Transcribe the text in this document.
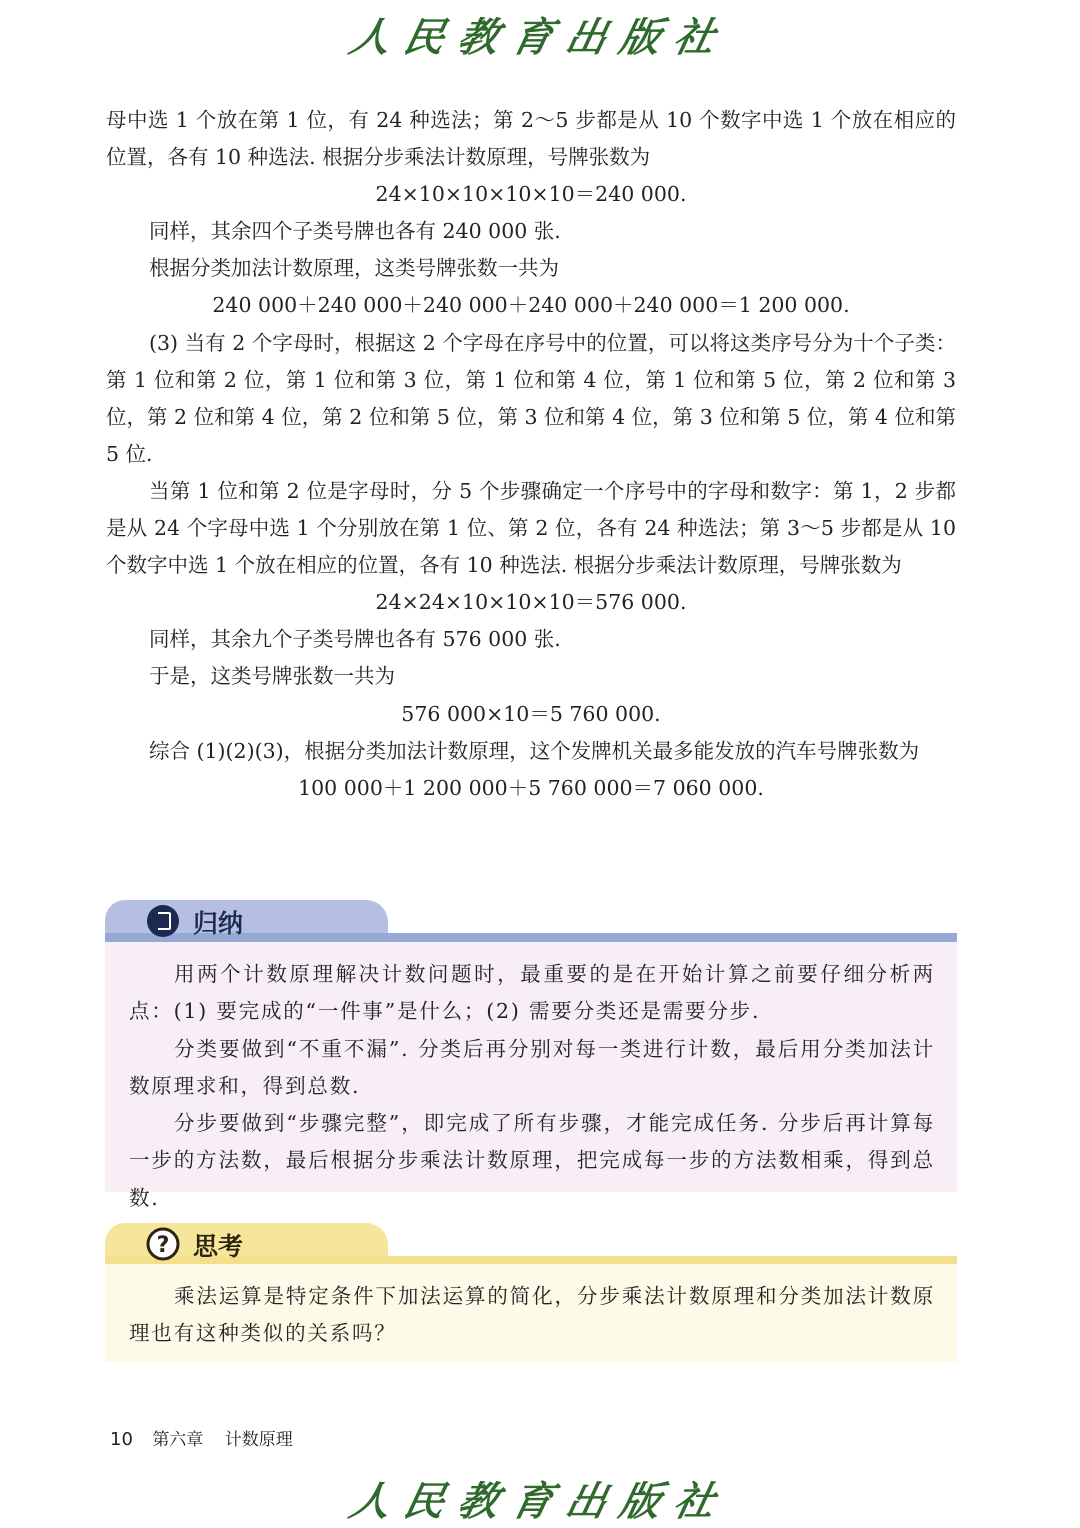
人民教育出版社

母中选 1 个放在第 1 位，有 24 种选法；第 2～5 步都是从 10 个数字中选 1 个放在相应的位置，各有 10 种选法. 根据分步乘法计数原理，号牌张数为

24×10×10×10×10＝240 000.

同样，其余四个子类号牌也各有 240 000 张.

根据分类加法计数原理，这类号牌张数一共为

240 000＋240 000＋240 000＋240 000＋240 000＝1 200 000.

(3) 当有 2 个字母时，根据这 2 个字母在序号中的位置，可以将这类序号分为十个子类：第 1 位和第 2 位，第 1 位和第 3 位，第 1 位和第 4 位，第 1 位和第 5 位，第 2 位和第 3 位，第 2 位和第 4 位，第 2 位和第 5 位，第 3 位和第 4 位，第 3 位和第 5 位，第 4 位和第 5 位.

当第 1 位和第 2 位是字母时，分 5 个步骤确定一个序号中的字母和数字：第 1，2 步都是从 24 个字母中选 1 个分别放在第 1 位、第 2 位，各有 24 种选法；第 3～5 步都是从 10 个数字中选 1 个放在相应的位置，各有 10 种选法. 根据分步乘法计数原理，号牌张数为

24×24×10×10×10＝576 000.

同样，其余九个子类号牌也各有 576 000 张.

于是，这类号牌张数一共为

576 000×10＝5 760 000.

综合 (1)(2)(3)，根据分类加法计数原理，这个发牌机关最多能发放的汽车号牌张数为

100 000＋1 200 000＋5 760 000＝7 060 000.

归纳

用两个计数原理解决计数问题时，最重要的是在开始计算之前要仔细分析两点：(1) 要完成的“一件事”是什么；(2) 需要分类还是需要分步.

分类要做到“不重不漏”. 分类后再分别对每一类进行计数，最后用分类加法计数原理求和，得到总数.

分步要做到“步骤完整”，即完成了所有步骤，才能完成任务. 分步后再计算每一步的方法数，最后根据分步乘法计数原理，把完成每一步的方法数相乘，得到总数.

? 思考

乘法运算是特定条件下加法运算的简化，分步乘法计数原理和分类加法计数原理也有这种类似的关系吗？

10 第六章 计数原理
人民教育出版社
